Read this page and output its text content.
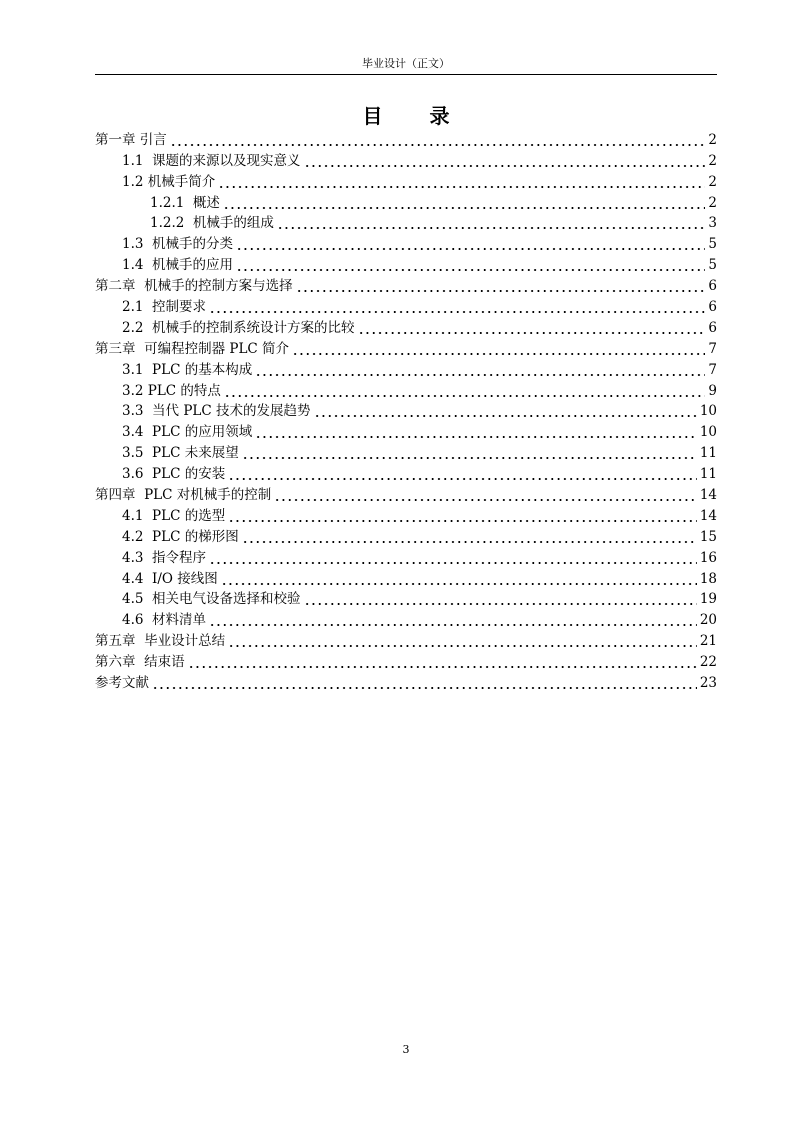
毕业设计（正文）
目 录
第一章 引言	2
1.1  课题的来源以及现实意义	2
1.2 机械手简介	2
1.2.1  概述	2
1.2.2  机械手的组成	3
1.3  机械手的分类	5
1.4  机械手的应用	5
第二章  机械手的控制方案与选择	6
2.1  控制要求	6
2.2  机械手的控制系统设计方案的比较	6
第三章  可编程控制器 PLC 简介	7
3.1  PLC 的基本构成	7
3.2 PLC 的特点	9
3.3  当代 PLC 技术的发展趋势	10
3.4  PLC 的应用领域	10
3.5  PLC 未来展望	11
3.6  PLC 的安装	11
第四章  PLC 对机械手的控制	14
4.1  PLC 的选型	14
4.2  PLC 的梯形图	15
4.3  指令程序	16
4.4  I/O 接线图	18
4.5  相关电气设备选择和校验	19
4.6  材料清单	20
第五章  毕业设计总结	21
第六章  结束语	22
参考文献	23
3
